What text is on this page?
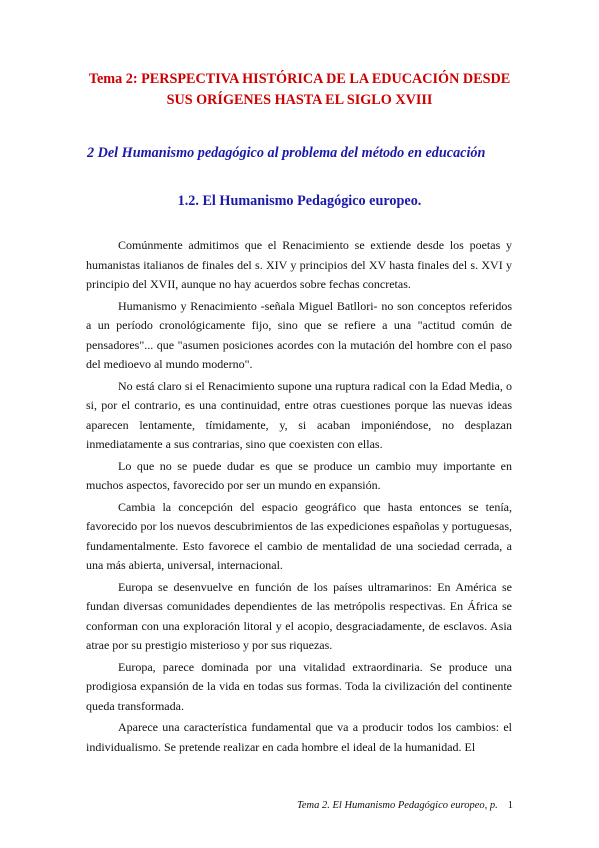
Tema 2: PERSPECTIVA HISTÓRICA DE LA EDUCACIÓN DESDE
SUS ORÍGENES HASTA EL SIGLO XVIII
2 Del Humanismo pedagógico al problema del método en educación
1.2. El Humanismo Pedagógico europeo.

Comúnmente admitimos que el Renacimiento se extiende desde los poetas y humanistas italianos de finales del s. XIV y principios del XV hasta finales del s. XVI y principio del XVII, aunque no hay acuerdos sobre fechas concretas.

Humanismo y Renacimiento -señala Miguel Batllori- no son conceptos referidos a un período cronológicamente fijo, sino que se refiere a una "actitud común de pensadores"... que "asumen posiciones acordes con la mutación del hombre con el paso del medioevo al mundo moderno".

No está claro si el Renacimiento supone una ruptura radical con la Edad Media, o si, por el contrario, es una continuidad, entre otras cuestiones porque las nuevas ideas aparecen lentamente, tímidamente, y, si acaban imponiéndose, no desplazan inmediatamente a sus contrarias, sino que coexisten con ellas.

Lo que no se puede dudar es que se produce un cambio muy importante en muchos aspectos, favorecido por ser un mundo en expansión.

Cambia la concepción del espacio geográfico que hasta entonces se tenía, favorecido por los nuevos descubrimientos de las expediciones españolas y portuguesas, fundamentalmente. Esto favorece el cambio de mentalidad de una sociedad cerrada, a una más abierta, universal, internacional.

Europa se desenvuelve en función de los países ultramarinos: En América se fundan diversas comunidades dependientes de las metrópolis respectivas. En África se conforman con una exploración litoral y el acopio, desgraciadamente, de esclavos. Asia atrae por su prestigio misterioso y por sus riquezas.

Europa, parece dominada por una vitalidad extraordinaria. Se produce una prodigiosa expansión de la vida en todas sus formas. Toda la civilización del continente queda transformada.

Aparece una característica fundamental que va a producir todos los cambios: el individualismo. Se pretende realizar en cada hombre el ideal de la humanidad. El

Tema 2. El Humanismo Pedagógico europeo, p. 1
